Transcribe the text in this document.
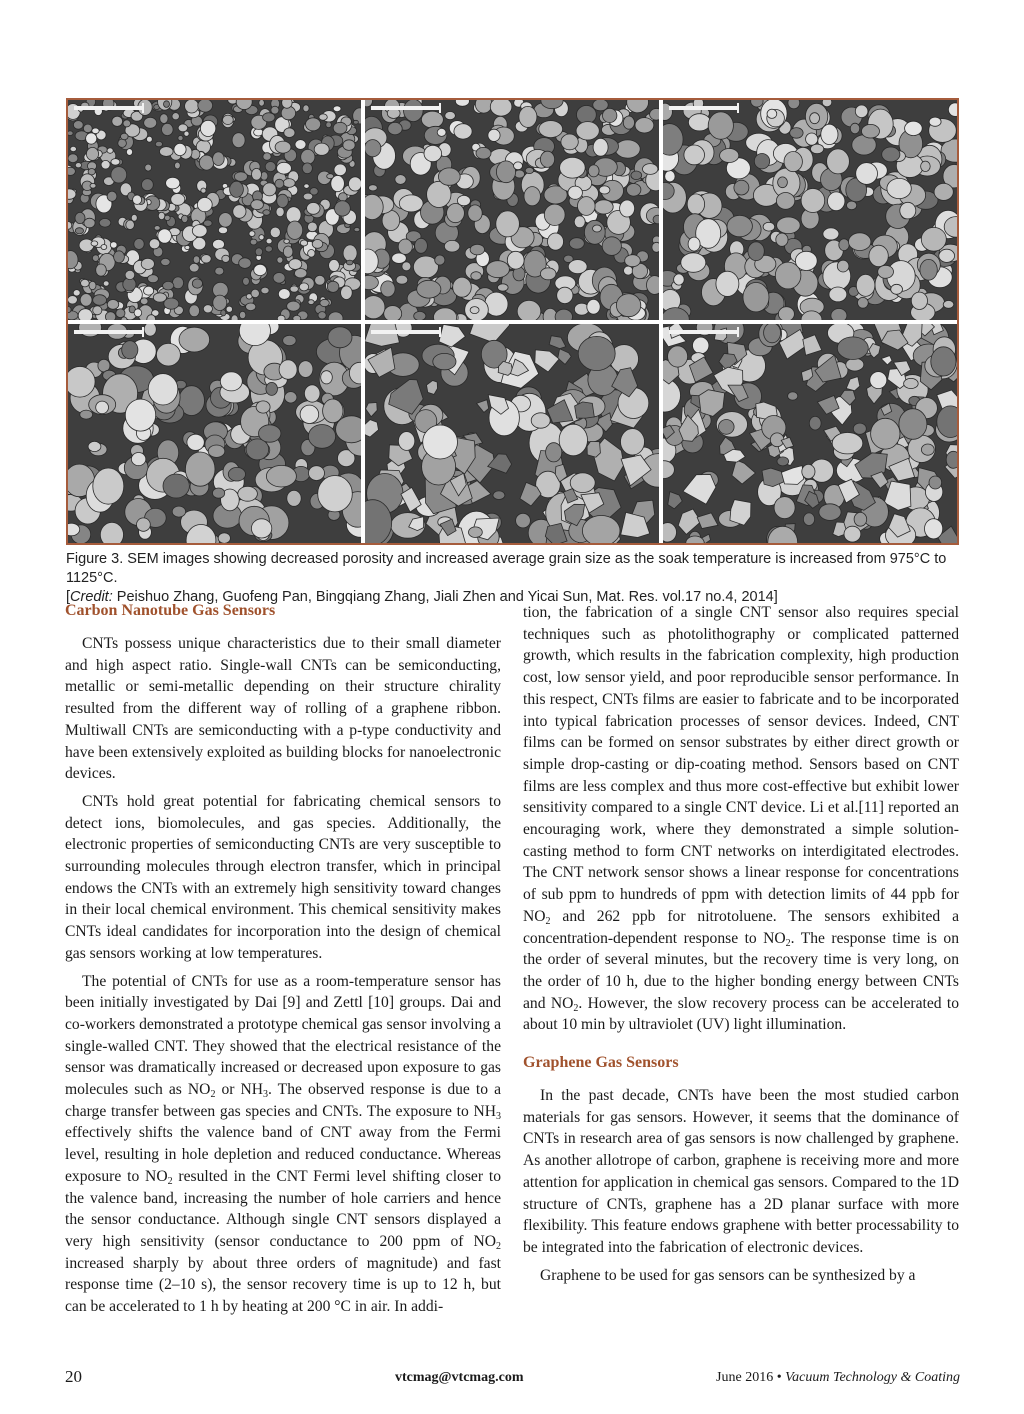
Figure 3. SEM images showing decreased porosity and increased average grain size as the soak temperature is increased from 975°C to 1125°C.
[Credit: Peishuo Zhang, Guofeng Pan, Bingqiang Zhang, Jiali Zhen and Yicai Sun, Mat. Res. vol.17 no.4, 2014]
Carbon Nanotube Gas Sensors

CNTs possess unique characteristics due to their small diameter and high aspect ratio. Single-wall CNTs can be semiconducting, metallic or semi-metallic depending on their structure chirality resulted from the different way of rolling of a graphene ribbon. Multiwall CNTs are semiconducting with a p-type conductivity and have been extensively exploited as building blocks for nanoelectronic devices.

CNTs hold great potential for fabricating chemical sensors to detect ions, biomolecules, and gas species. Additionally, the electronic properties of semiconducting CNTs are very susceptible to surrounding molecules through electron transfer, which in principal endows the CNTs with an extremely high sensitivity toward changes in their local chemical environment. This chemical sensitivity makes CNTs ideal candidates for incorporation into the design of chemical gas sensors working at low temperatures.

The potential of CNTs for use as a room-temperature sensor has been initially investigated by Dai [9] and Zettl [10] groups. Dai and co-workers demonstrated a prototype chemical gas sensor involving a single-walled CNT. They showed that the electrical resistance of the sensor was dramatically increased or decreased upon exposure to gas molecules such as $NO_2$ or $NH_3$. The observed response is due to a charge transfer between gas species and CNTs. The exposure to $NH_3$ effectively shifts the valence band of CNT away from the Fermi level, resulting in hole depletion and reduced conductance. Whereas exposure to $NO_2$ resulted in the CNT Fermi level shifting closer to the valence band, increasing the number of hole carriers and hence the sensor conductance. Although single CNT sensors displayed a very high sensitivity (sensor conductance to 200 ppm of $NO_2$ increased sharply by about three orders of magnitude) and fast response time (2–10 s), the sensor recovery time is up to 12 h, but can be accelerated to 1 h by heating at 200 °C in air. In addi-

tion, the fabrication of a single CNT sensor also requires special techniques such as photolithography or complicated patterned growth, which results in the fabrication complexity, high production cost, low sensor yield, and poor reproducible sensor performance. In this respect, CNTs films are easier to fabricate and to be incorporated into typical fabrication processes of sensor devices. Indeed, CNT films can be formed on sensor substrates by either direct growth or simple drop-casting or dip-coating method. Sensors based on CNT films are less complex and thus more cost-effective but exhibit lower sensitivity compared to a single CNT device. Li et al.[11] reported an encouraging work, where they demonstrated a simple solution-casting method to form CNT networks on interdigitated electrodes. The CNT network sensor shows a linear response for concentrations of sub ppm to hundreds of ppm with detection limits of 44 ppb for $NO_2$ and 262 ppb for nitrotoluene. The sensors exhibited a concentration-dependent response to $NO_2$. The response time is on the order of several minutes, but the recovery time is very long, on the order of 10 h, due to the higher bonding energy between CNTs and $NO_2$. However, the slow recovery process can be accelerated to about 10 min by ultraviolet (UV) light illumination.

Graphene Gas Sensors

In the past decade, CNTs have been the most studied carbon materials for gas sensors. However, it seems that the dominance of CNTs in research area of gas sensors is now challenged by graphene. As another allotrope of carbon, graphene is receiving more and more attention for application in chemical gas sensors. Compared to the 1D structure of CNTs, graphene has a 2D planar surface with more flexibility. This feature endows graphene with better processability to be integrated into the fabrication of electronic devices.

Graphene to be used for gas sensors can be synthesized by a

20	vtcmag@vtcmag.com	June 2016 • Vacuum Technology & Coating
